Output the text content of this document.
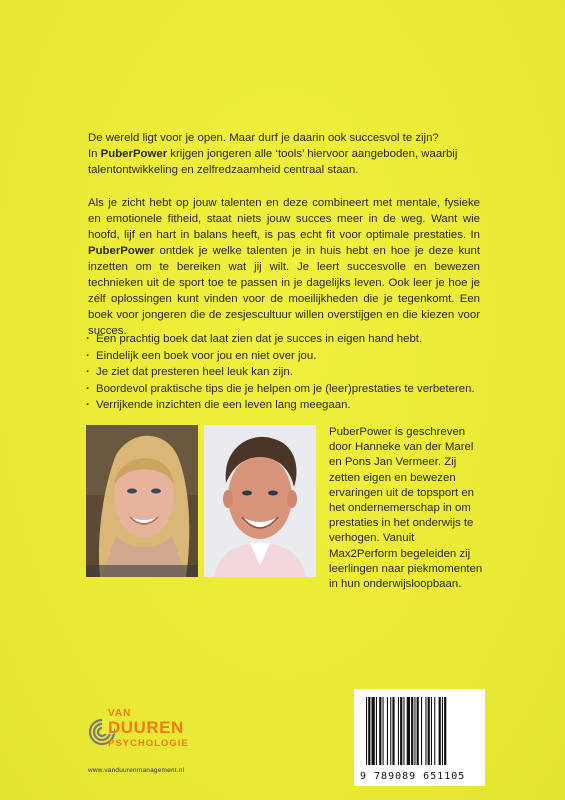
De wereld ligt voor je open. Maar durf je daarin ook succesvol te zijn?

In PuberPower krijgen jongeren alle ‘tools’ hiervoor aangeboden, waarbij talentontwikkeling en zelfredzaamheid centraal staan.

Als je zicht hebt op jouw talenten en deze combineert met mentale, fysieke en emotionele fitheid, staat niets jouw succes meer in de weg. Want wie hoofd, lijf en hart in balans heeft, is pas echt fit voor optimale prestaties. In PuberPower ontdek je welke talenten je in huis hebt en hoe je deze kunt inzetten om te bereiken wat jij wilt. Je leert succesvolle en bewezen technieken uit de sport toe te passen in je dagelijks leven. Ook leer je hoe je zélf oplossingen kunt vinden voor de moeilijkheden die je tegenkomt. Een boek voor jongeren die de zesjescultuur willen overstijgen en die kiezen voor succes.

· Een prachtig boek dat laat zien dat je succes in eigen hand hebt.
· Eindelijk een boek voor jou en niet over jou.
· Je ziet dat presteren heel leuk kan zijn.
· Boordevol praktische tips die je helpen om je (leer)prestaties te verbeteren.
· Verrijkende inzichten die een leven lang meegaan.
PuberPower is geschreven door Hanneke van der Marel en Pons Jan Vermeer. Zij zetten eigen en bewezen ervaringen uit de topsport en het ondernemerschap in om prestaties in het onderwijs te verhogen. Vanuit Max2Perform begeleiden zij leerlingen naar piekmomenten in hun onderwijsloopbaan.
VAN
DUUREN
PSYCHOLOGIE
www.vanduurenmanagement.nl
9 789089 651105
